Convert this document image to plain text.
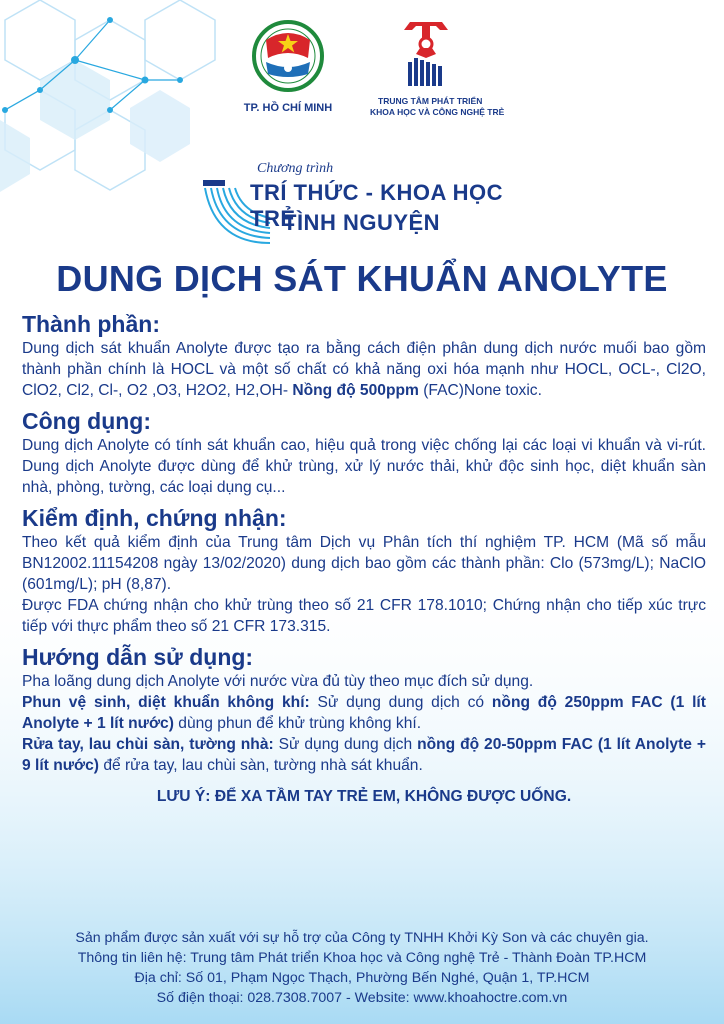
TP. HỒ CHÍ MINH
TRUNG TÂM PHÁT TRIỂN
KHOA HỌC VÀ CÔNG NGHỆ TRẺ
Chương trình
TRÍ THỨC - KHOA HỌC TRẺ
TÌNH NGUYỆN
DUNG DỊCH SÁT KHUẨN ANOLYTE

Thành phần:

Dung dịch sát khuẩn Anolyte được tạo ra bằng cách điện phân dung dịch nước muối bao gồm thành phần chính là HOCL và một số chất có khả năng oxi hóa mạnh như HOCL, OCL-, Cl2O, ClO2, Cl2, Cl-, O2 ,O3, H2O2, H2,OH- Nồng độ 500ppm (FAC)None toxic.

Công dụng:

Dung dịch Anolyte có tính sát khuẩn cao, hiệu quả trong việc chống lại các loại vi khuẩn và vi-rút. Dung dịch Anolyte được dùng để khử trùng, xử lý nước thải, khử độc sinh học, diệt khuẩn sàn nhà, phòng, tường, các loại dụng cụ...

Kiểm định, chứng nhận:

Theo kết quả kiểm định của Trung tâm Dịch vụ Phân tích thí nghiệm TP. HCM (Mã số mẫu BN12002.11154208 ngày 13/02/2020) dung dịch bao gồm các thành phần: Clo (573mg/L); NaClO (601mg/L); pH (8,87).

Được FDA chứng nhận cho khử trùng theo số 21 CFR 178.1010; Chứng nhận cho tiếp xúc trực tiếp với thực phẩm theo số 21 CFR 173.315.

Hướng dẫn sử dụng:

Pha loãng dung dịch Anolyte với nước vừa đủ tùy theo mục đích sử dụng.

Phun vệ sinh, diệt khuẩn không khí: Sử dụng dung dịch có nồng độ 250ppm FAC (1 lít Anolyte + 1 lít nước) dùng phun để khử trùng không khí.

Rửa tay, lau chùi sàn, tường nhà: Sử dụng dung dịch nồng độ 20-50ppm FAC (1 lít Anolyte + 9 lít nước) để rửa tay, lau chùi sàn, tường nhà sát khuẩn.

LƯU Ý: ĐỂ XA TẦM TAY TRẺ EM, KHÔNG ĐƯỢC UỐNG.
Sản phẩm được sản xuất với sự hỗ trợ của Công ty TNHH Khởi Kỳ Son và các chuyên gia.
Thông tin liên hệ: Trung tâm Phát triển Khoa học và Công nghệ Trẻ - Thành Đoàn TP.HCM
Địa chỉ: Số 01, Phạm Ngọc Thạch, Phường Bến Nghé, Quận 1, TP.HCM
Số điện thoại: 028.7308.7007 - Website: www.khoahoctre.com.vn
